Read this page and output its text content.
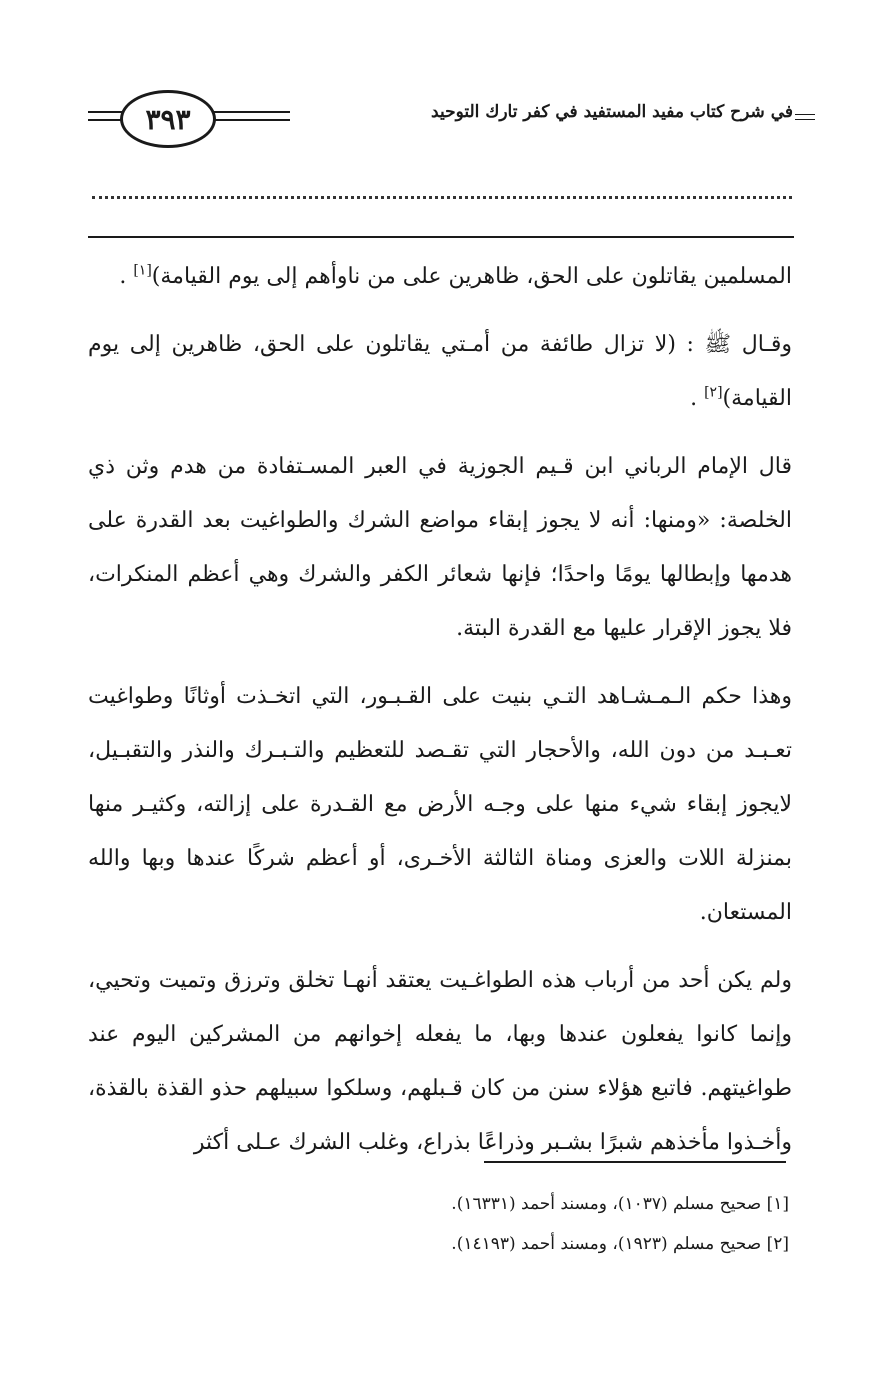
٣٩٣	في شرح كتاب مفيد المستفيد في كفر تارك التوحيد

المسلمين يقاتلون على الحق، ظاهرين على من ناوأهم إلى يوم القيامة)[١] .

وقـال ﷺ : (لا تزال طائفة من أمـتي يقاتلون على الحق، ظاهرين إلى يوم القيامة)[٢] .

قال الإمام الرباني ابن قـيم الجوزية في العبر المسـتفادة من هدم وثن ذي الخلصة: «ومنها: أنه لا يجوز إبقاء مواضع الشرك والطواغيت بعد القدرة على هدمها وإبطالها يومًا واحدًا؛ فإنها شعائر الكفر والشرك وهي أعظم المنكرات، فلا يجوز الإقرار عليها مع القدرة البتة.

وهذا حكم الـمـشـاهد التـي بنيت على القـبـور، التي اتخـذت أوثانًا وطواغيت تعـبـد من دون الله، والأحجار التي تقـصد للتعظيم والتـبـرك والنذر والتقبـيل، لايجوز إبقاء شيء منها على وجـه الأرض مع القـدرة على إزالته، وكثيـر منها بمنزلة اللات والعزى ومناة الثالثة الأخـرى، أو أعظم شركًا عندها وبها والله المستعان.

ولم يكن أحد من أرباب هذه الطواغـيت يعتقد أنهـا تخلق وترزق وتميت وتحيي، وإنما كانوا يفعلون عندها وبها، ما يفعله إخوانهم من المشركين اليوم عند طواغيتهم. فاتبع هؤلاء سنن من كان قـبلهم، وسلكوا سبيلهم حذو القذة بالقذة، وأخـذوا مأخذهم شبرًا بشـبر وذراعًا بذراع، وغلب الشرك عـلى أكثر

[١] صحيح مسلم (١٠٣٧)، ومسند أحمد (١٦٣٣١).

[٢] صحيح مسلم (١٩٢٣)، ومسند أحمد (١٤١٩٣).
